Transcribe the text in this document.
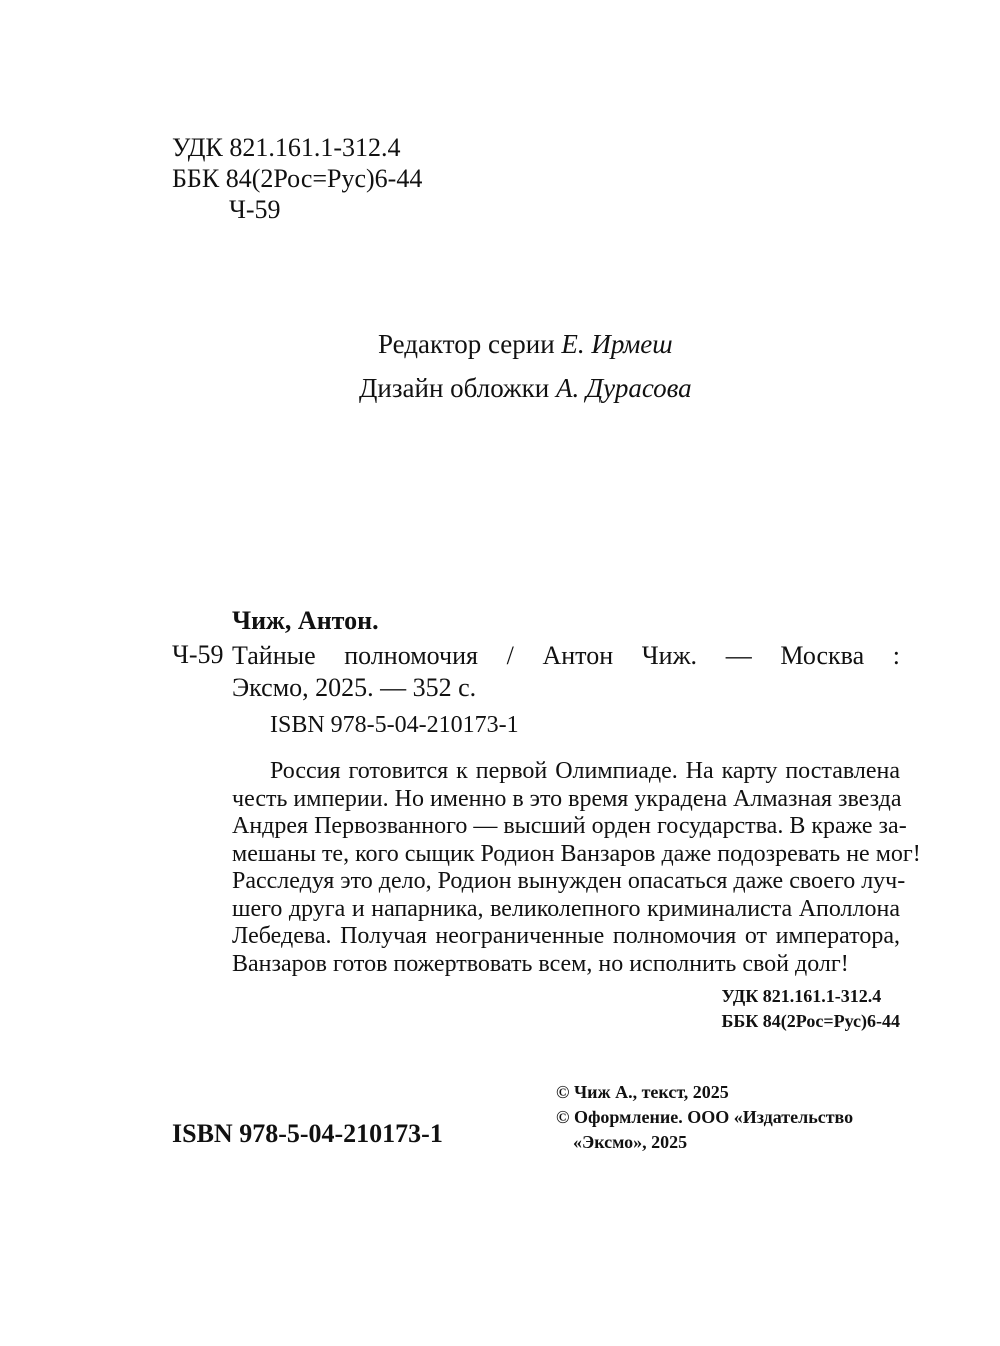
УДК 821.161.1-312.4
ББК 84(2Рос=Рус)6-44
Ч-59
Редактор серии Е. Ирмеш
Дизайн обложки А. Дурасова
Чиж, Антон.
Ч-59 Тайные полномочия / Антон Чиж. — Москва :
Эксмо, 2025. — 352 с.
ISBN 978-5-04-210173-1
Россия готовится к первой Олимпиаде. На карту поставлена
честь империи. Но именно в это время украдена Алмазная звезда
Андрея Первозванного — высший орден государства. В краже за-
мешаны те, кого сыщик Родион Ванзаров даже подозревать не мог!
Расследуя это дело, Родион вынужден опасаться даже своего луч-
шего друга и напарника, великолепного криминалиста Аполлона
Лебедева. Получая неограниченные полномочия от императора,
Ванзаров готов пожертвовать всем, но исполнить свой долг!
УДК 821.161.1-312.4
ББК 84(2Рос=Рус)6-44
© Чиж А., текст, 2025
© Оформление. ООО «Издательство
«Эксмо», 2025
ISBN 978-5-04-210173-1
